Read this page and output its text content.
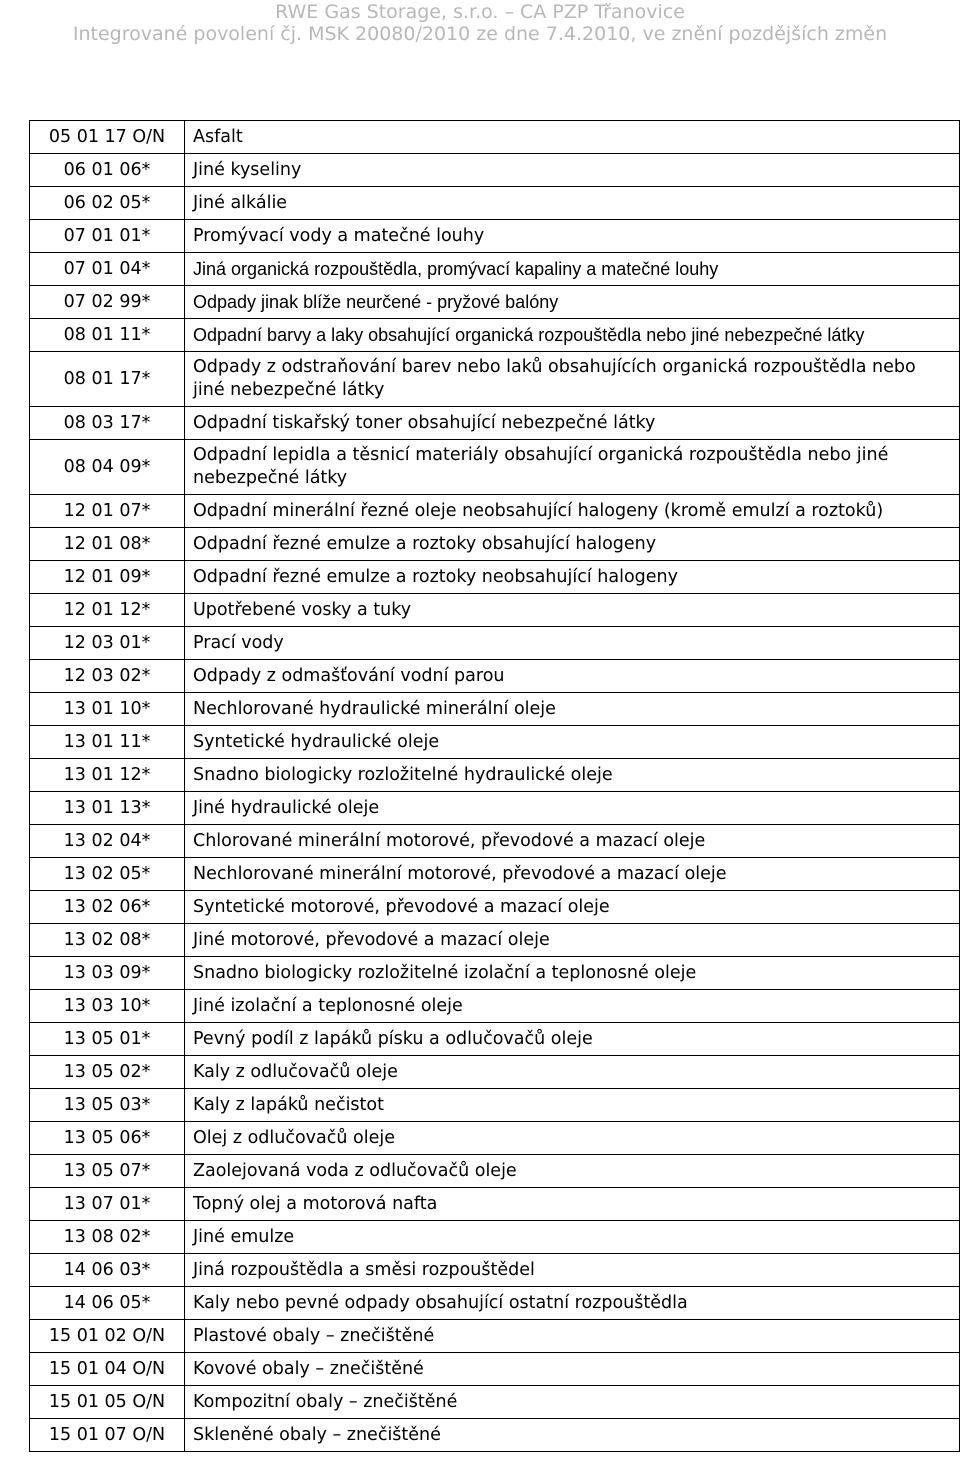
RWE Gas Storage, s.r.o. – CA PZP Třanovice
Integrované povolení čj. MSK 20080/2010 ze dne 7.4.2010, ve znění pozdějších změn
05 01 17 O/N	Asfalt
06 01 06*	Jiné kyseliny
06 02 05*	Jiné alkálie
07 01 01*	Promývací vody a matečné louhy
07 01 04*	Jiná organická rozpouštědla, promývací kapaliny a matečné louhy
07 02 99*	Odpady jinak blíže neurčené - pryžové balóny
08 01 11*	Odpadní barvy a laky obsahující organická rozpouštědla nebo jiné nebezpečné látky
08 01 17*	Odpady z odstraňování barev nebo laků obsahujících organická rozpouštědla nebo jiné nebezpečné látky
08 03 17*	Odpadní tiskařský toner obsahující nebezpečné látky
08 04 09*	Odpadní lepidla a těsnicí materiály obsahující organická rozpouštědla nebo jiné nebezpečné látky
12 01 07*	Odpadní minerální řezné oleje neobsahující halogeny (kromě emulzí a roztoků)
12 01 08*	Odpadní řezné emulze a roztoky obsahující halogeny
12 01 09*	Odpadní řezné emulze a roztoky neobsahující halogeny
12 01 12*	Upotřebené vosky a tuky
12 03 01*	Prací vody
12 03 02*	Odpady z odmašťování vodní parou
13 01 10*	Nechlorované hydraulické minerální oleje
13 01 11*	Syntetické hydraulické oleje
13 01 12*	Snadno biologicky rozložitelné hydraulické oleje
13 01 13*	Jiné hydraulické oleje
13 02 04*	Chlorované minerální motorové, převodové a mazací oleje
13 02 05*	Nechlorované minerální motorové, převodové a mazací oleje
13 02 06*	Syntetické motorové, převodové a mazací oleje
13 02 08*	Jiné motorové, převodové a mazací oleje
13 03 09*	Snadno biologicky rozložitelné izolační a teplonosné oleje
13 03 10*	Jiné izolační a teplonosné oleje
13 05 01*	Pevný podíl z lapáků písku a odlučovačů oleje
13 05 02*	Kaly z odlučovačů oleje
13 05 03*	Kaly z lapáků nečistot
13 05 06*	Olej z odlučovačů oleje
13 05 07*	Zaolejovaná voda z odlučovačů oleje
13 07 01*	Topný olej a motorová nafta
13 08 02*	Jiné emulze
14 06 03*	Jiná rozpouštědla a směsi rozpouštědel
14 06 05*	Kaly nebo pevné odpady obsahující ostatní rozpouštědla
15 01 02 O/N	Plastové obaly – znečištěné
15 01 04 O/N	Kovové obaly – znečištěné
15 01 05 O/N	Kompozitní obaly – znečištěné
15 01 07 O/N	Skleněné obaly – znečištěné
